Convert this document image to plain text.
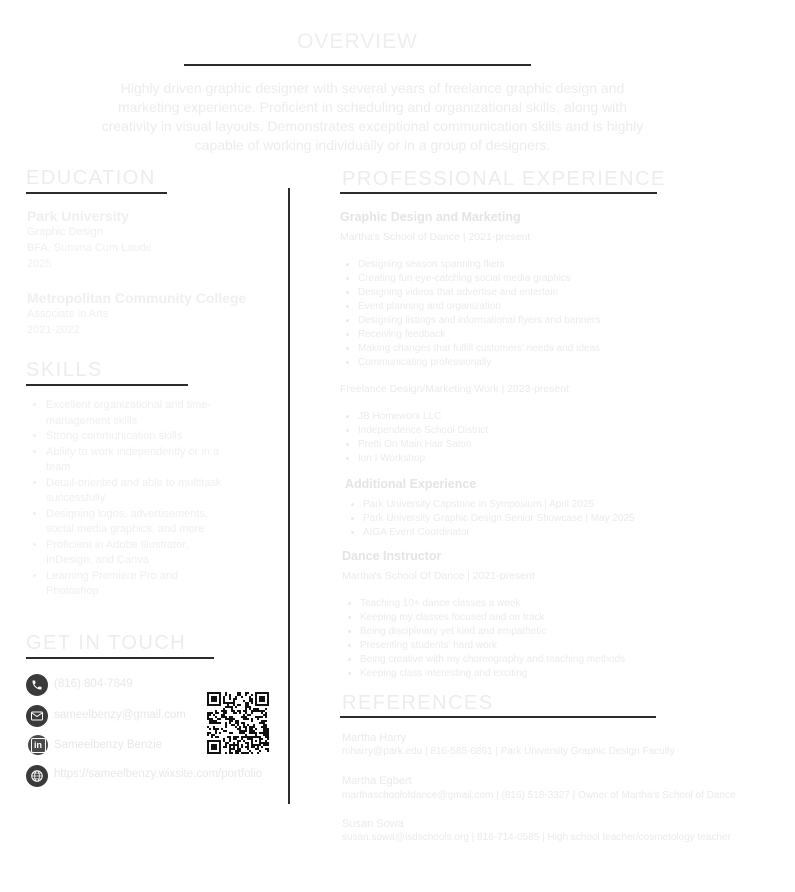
OVERVIEW
Highly driven graphic designer with several years of freelance graphic design and marketing experience. Proficient in scheduling and organizational skills, along with creativity in visual layouts. Demonstrates exceptional communication skills and is highly capable of working individually or in a group of designers.
EDUCATION
Park University
Graphic Design
BFA, Summa Cum Laude
2025
Metropolitan Community College
Associate in Arts
2021-2022
SKILLS
• Excellent organizational and time-management skills
• Strong communication skills
• Ability to work independently or in a team
• Detail-oriented and able to multitask successfully
• Designing logos, advertisements, social media graphics, and more
• Proficient in Adobe Illustrator, InDesign, and Canva
• Learning Premiere Pro and Photoshop
GET IN TOUCH
(816) 804-7849
sameelbenzy@gmail.com
in	Sameelbenzy Benzie
https://sameelbenzy.wixsite.com/portfolio
PROFESSIONAL EXPERIENCE
Graphic Design and Marketing
Martha's School of Dance | 2021-present
• Designing season spanning fliers
• Creating fun eye-catching social media graphics
• Designing videos that advertise and entertain
• Event planning and organization
• Designing listings and informational flyers and banners
• Receiving feedback
• Making changes that fulfill customers' needs and ideas
• Communicating professionally
Freelance Design/Marketing Work | 2023-present
• JB Homeworx LLC
• Independence School District
• Pretti On Main Hair Salon
• Ion I Workshop
Additional Experience
• Park University Capstone in Symposium | April 2025
• Park University Graphic Design Senior Showcase | May 2025
• AIGA Event Coordinator
Dance Instructor
Martha's School Of Dance | 2021-present
• Teaching 10+ dance classes a week
• Keeping my classes focused and on track
• Being disciplinary yet kind and empathetic
• Presenting students' hard work
• Being creative with my choreography and teaching methods
• Keeping class interesting and exciting
REFERENCES
Martha Harry
mharry@park.edu | 816-585-6861 | Park University Graphic Design Faculty
Martha Egbert
marthaschoolofdance@gmail.com | (816) 518-3327 | Owner of Martha's School of Dance
Susan Sowa
susan.sowa@isdschools.org | 816-714-0585 | High school teacher/cosmetology teacher
